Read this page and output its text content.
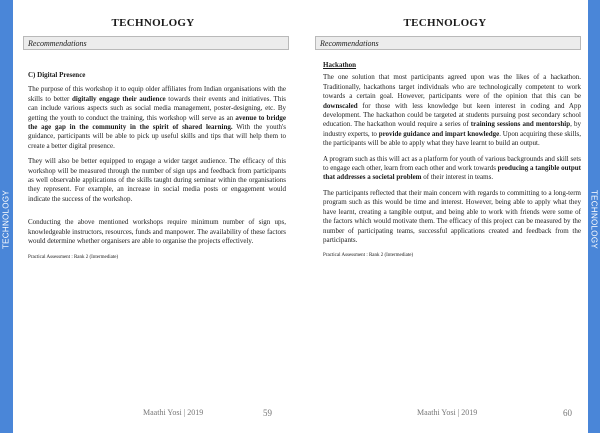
TECHNOLOGY
TECHNOLOGY
Recommendations

C) Digital Presence

The purpose of this workshop it to equip older affiliates from Indian organisations with the skills to better digitally engage their audience towards their events and initiatives. This can include various aspects such as social media management, poster-designing, etc. By getting the youth to conduct the training, this workshop will serve as an avenue to bridge the age gap in the community in the spirit of shared learning. With the youth's guidance, participants will be able to pick up useful skills and tips that will help them to create a better digital presence.

They will also be better equipped to engage a wider target audience. The efficacy of this workshop will be measured through the number of sign ups and feedback from participants as well observable applications of the skills taught during seminar within the organisations they represent. For example, an increase in social media posts or engagement would indicate the success of the workshop.

Conducting the above mentioned workshops require minimum number of sign ups, knowledgeable instructors, resources, funds and manpower. The availability of these factors would determine whether organisers are able to organise the projects effectively.

Practical Assessment : Rank 2 (Intermediate)

Maathi Yosi | 2019	59
TECHNOLOGY
Recommendations

Hackathon

The one solution that most participants agreed upon was the likes of a hackathon. Traditionally, hackathons target individuals who are technologically competent to work towards a certain goal. However, participants were of the opinion that this can be downscaled for those with less knowledge but keen interest in coding and App development. The hackathon could be targeted at students pursuing post secondary school education. The hackathon would require a series of training sessions and mentorship, by industry experts, to provide guidance and impart knowledge. Upon acquiring these skills, the participants will be able to apply what they have learnt to build an output.

A program such as this will act as a platform for youth of various backgrounds and skill sets to engage each other, learn from each other and work towards producing a tangible output that addresses a societal problem of their interest in teams.

The participants reflected that their main concern with regards to committing to a long-term program such as this would be time and interest. However, being able to apply what they have learnt, creating a tangible output, and being able to work with friends were some of the factors which would motivate them. The efficacy of this project can be measured by the number of participating teams, successful applications created and feedback from the participants.

Practical Assessment : Rank 2 (Intermediate)

Maathi Yosi | 2019	60
TECHNOLOGY
